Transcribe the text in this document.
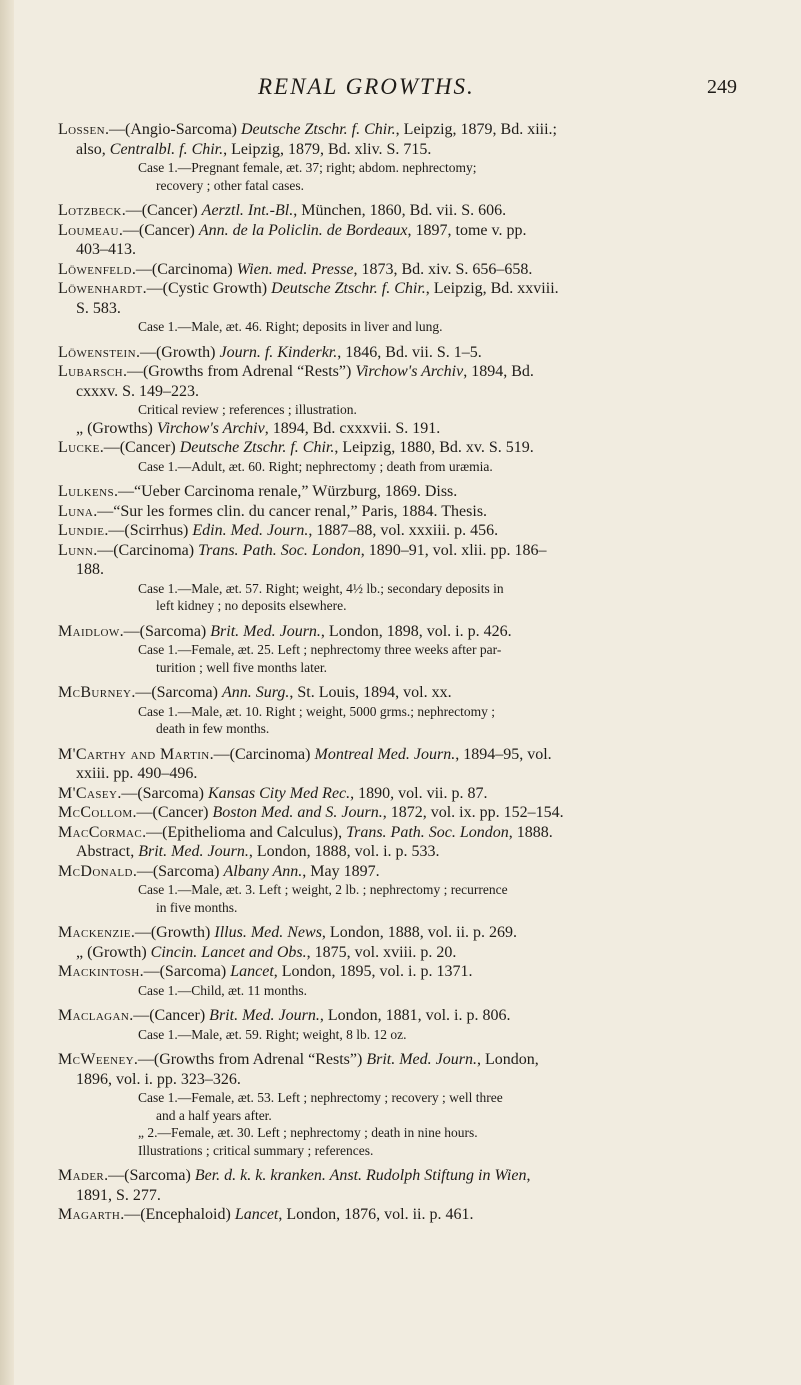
RENAL GROWTHS.	249
Lossen.—(Angio-Sarcoma) Deutsche Ztschr. f. Chir., Leipzig, 1879, Bd. xiii.;
also, Centralbl. f. Chir., Leipzig, 1879, Bd. xliv. S. 715.
Case 1.—Pregnant female, æt. 37; right; abdom. nephrectomy;
recovery ; other fatal cases.
Lotzbeck.—(Cancer) Aerztl. Int.-Bl., München, 1860, Bd. vii. S. 606.
Loumeau.—(Cancer) Ann. de la Policlin. de Bordeaux, 1897, tome v. pp.
403–413.
Löwenfeld.—(Carcinoma) Wien. med. Presse, 1873, Bd. xiv. S. 656–658.
Löwenhardt.—(Cystic Growth) Deutsche Ztschr. f. Chir., Leipzig, Bd. xxviii.
S. 583.
Case 1.—Male, æt. 46. Right; deposits in liver and lung.
Löwenstein.—(Growth) Journ. f. Kinderkr., 1846, Bd. vii. S. 1–5.
Lubarsch.—(Growths from Adrenal “Rests”) Virchow's Archiv, 1894, Bd.
cxxxv. S. 149–223.
Critical review ; references ; illustration.
„ (Growths) Virchow's Archiv, 1894, Bd. cxxxvii. S. 191.
Lucke.—(Cancer) Deutsche Ztschr. f. Chir., Leipzig, 1880, Bd. xv. S. 519.
Case 1.—Adult, æt. 60. Right; nephrectomy ; death from uræmia.
Lulkens.—“Ueber Carcinoma renale,” Würzburg, 1869. Diss.
Luna.—“Sur les formes clin. du cancer renal,” Paris, 1884. Thesis.
Lundie.—(Scirrhus) Edin. Med. Journ., 1887–88, vol. xxxiii. p. 456.
Lunn.—(Carcinoma) Trans. Path. Soc. London, 1890–91, vol. xlii. pp. 186–
188.
Case 1.—Male, æt. 57. Right; weight, 4½ lb.; secondary deposits in
left kidney ; no deposits elsewhere.
Maidlow.—(Sarcoma) Brit. Med. Journ., London, 1898, vol. i. p. 426.
Case 1.—Female, æt. 25. Left ; nephrectomy three weeks after par-
turition ; well five months later.
McBurney.—(Sarcoma) Ann. Surg., St. Louis, 1894, vol. xx.
Case 1.—Male, æt. 10. Right ; weight, 5000 grms.; nephrectomy ;
death in few months.
M'Carthy and Martin.—(Carcinoma) Montreal Med. Journ., 1894–95, vol.
xxiii. pp. 490–496.
M'Casey.—(Sarcoma) Kansas City Med Rec., 1890, vol. vii. p. 87.
McCollom.—(Cancer) Boston Med. and S. Journ., 1872, vol. ix. pp. 152–154.
MacCormac.—(Epithelioma and Calculus), Trans. Path. Soc. London, 1888.
Abstract, Brit. Med. Journ., London, 1888, vol. i. p. 533.
McDonald.—(Sarcoma) Albany Ann., May 1897.
Case 1.—Male, æt. 3. Left ; weight, 2 lb. ; nephrectomy ; recurrence
in five months.
Mackenzie.—(Growth) Illus. Med. News, London, 1888, vol. ii. p. 269.
„ (Growth) Cincin. Lancet and Obs., 1875, vol. xviii. p. 20.
Mackintosh.—(Sarcoma) Lancet, London, 1895, vol. i. p. 1371.
Case 1.—Child, æt. 11 months.
Maclagan.—(Cancer) Brit. Med. Journ., London, 1881, vol. i. p. 806.
Case 1.—Male, æt. 59. Right; weight, 8 lb. 12 oz.
McWeeney.—(Growths from Adrenal “Rests”) Brit. Med. Journ., London,
1896, vol. i. pp. 323–326.
Case 1.—Female, æt. 53. Left ; nephrectomy ; recovery ; well three
and a half years after.
„ 2.—Female, æt. 30. Left ; nephrectomy ; death in nine hours.
Illustrations ; critical summary ; references.
Mader.—(Sarcoma) Ber. d. k. k. kranken. Anst. Rudolph Stiftung in Wien,
1891, S. 277.
Magarth.—(Encephaloid) Lancet, London, 1876, vol. ii. p. 461.
